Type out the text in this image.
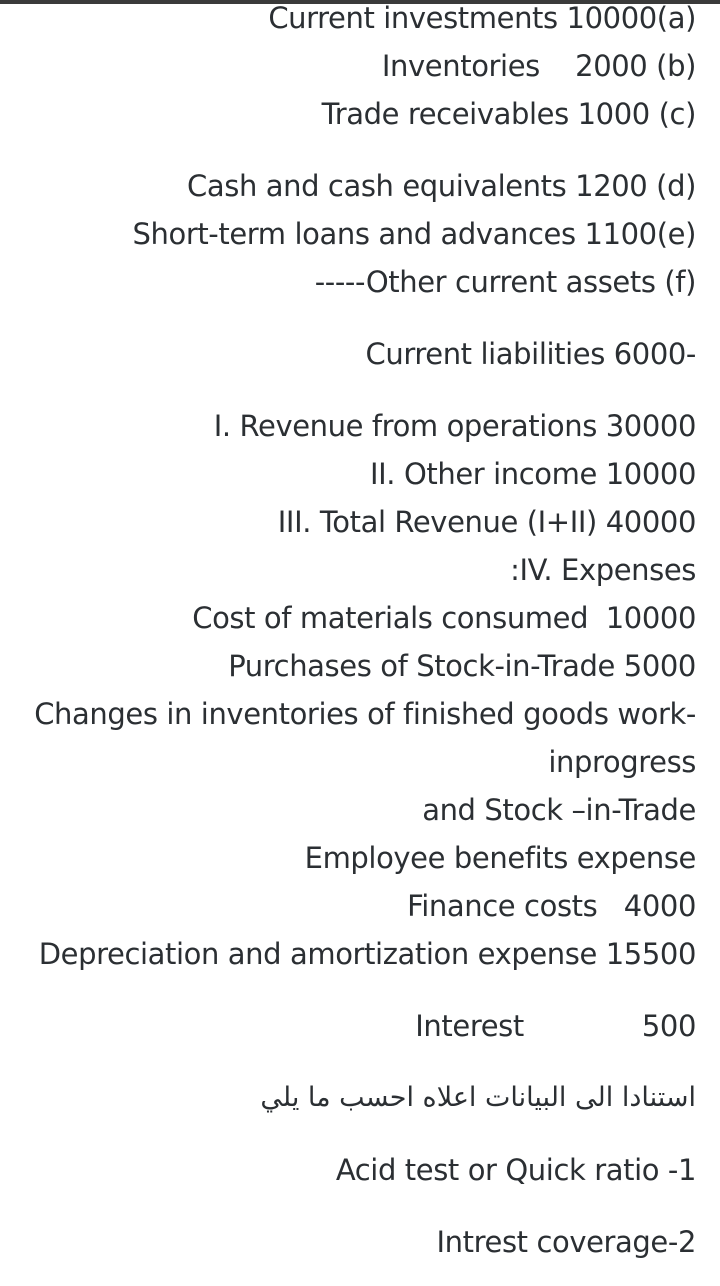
Current investments 10000(a)
Inventories    2000 (b)
Trade receivables 1000 (c)
Cash and cash equivalents 1200 (d)
Short-term loans and advances 1100(e)
-----Other current assets (f)
Current liabilities 6000-
I. Revenue from operations 30000
II. Other income 10000
III. Total Revenue (I+II) 40000
:IV. Expenses
Cost of materials consumed  10000
Purchases of Stock-in-Trade 5000
Changes in inventories of finished goods work-
inprogress
and Stock –in-Trade
Employee benefits expense
Finance costs   4000
Depreciation and amortization expense 15500
Interest	500
استنادا الى البيانات اعلاه احسب ما يلي
Acid test or Quick ratio -1
Intrest coverage-2
